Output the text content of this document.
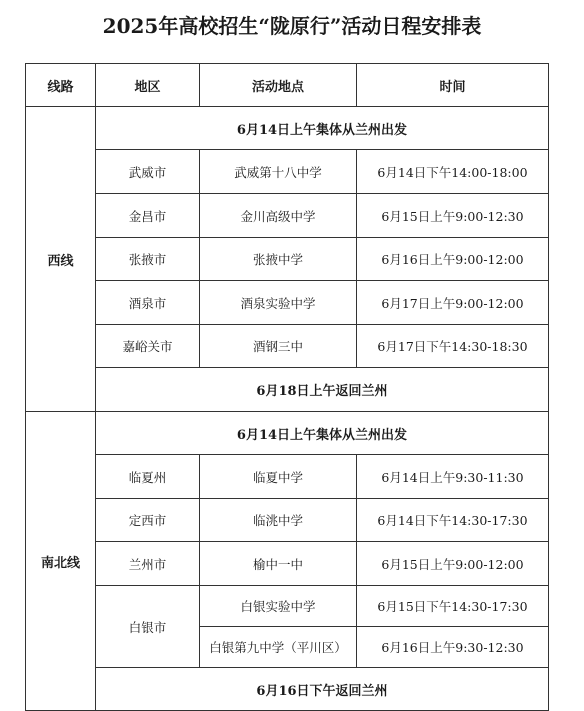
2025年高校招生“陇原行”活动日程安排表
线路	地区	活动地点	时间
西线	6月14日上午集体从兰州出发		
	武威市	武威第十八中学	6月14日下午14:00-18:00
	金昌市	金川高级中学	6月15日上午9:00-12:30
	张掖市	张掖中学	6月16日上午9:00-12:00
	酒泉市	酒泉实验中学	6月17日上午9:00-12:00
	嘉峪关市	酒钢三中	6月17日下午14:30-18:30
	6月18日上午返回兰州		
南北线	6月14日上午集体从兰州出发		
	临夏州	临夏中学	6月14日上午9:30-11:30
	定西市	临洮中学	6月14日下午14:30-17:30
	兰州市	榆中一中	6月15日上午9:00-12:00
	白银市	白银实验中学	6月15日下午14:30-17:30
		白银第九中学（平川区）	6月16日上午9:30-12:30
	6月16日下午返回兰州		
